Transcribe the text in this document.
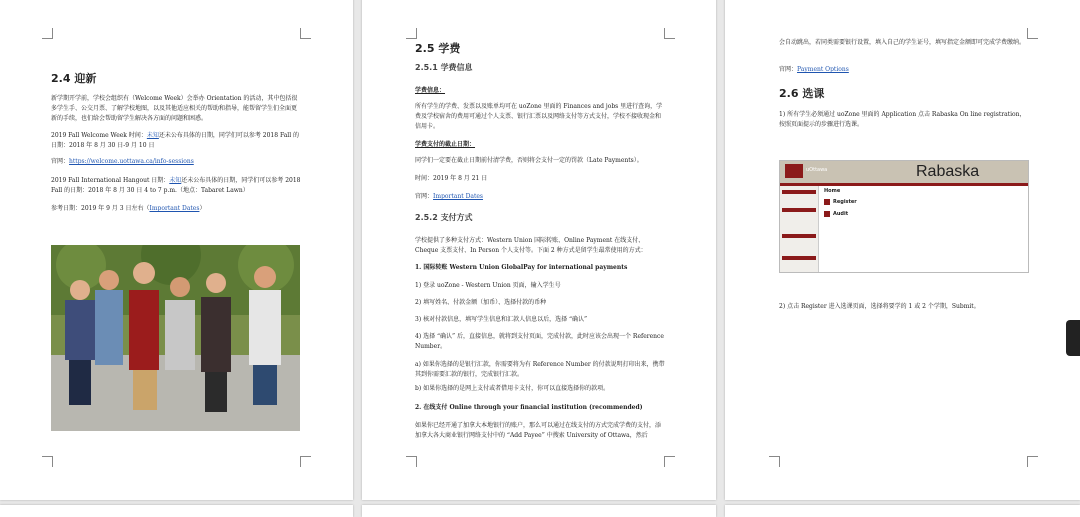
2.4 迎新
新学期开学前，学校会组织有（Welcome Week）会举办 Orientation 的活动，其中包括很多学生手、公交月票、了解学校地图，以及其他适应相关的帮助和指导，能帮留学生们全面更新的手续，也们给会帮助留学生解决各方面的问题和困惑。
2019 Fall Welcome Week 时间：未知还未公布具体的日期，同学们可以参考 2018 Fall 的日期：2018 年 8 月 30 日-9 月 10 日
官网：https://welcome.uottawa.ca/info-sessions
2019 Fall International Hangout 日期：未知还未公布具体的日期，同学们可以参考 2018 Fall 的日期：2018 年 8 月 30 日 4 to 7 p.m.（地点：Tabaret Lawn）
参考日期：2019 年 9 月 3 日左右（Important Dates）
2.5 学费
2.5.1 学费信息
学费信息：
所有学生的学费、发票以及账单均可在 uoZone 里面的 Finances and jobs 里进行查询，学费及学校宿舍的费用可通过个人支票、银行汇票以及网络支付等方式支付，学校不接收现金和信用卡。
学费支付的截止日期：
同学们一定要在截止日期前付清学费，否则将会支付一定的罚款（Late Payments）。
时间：2019 年 8 月 21 日
官网：Important Dates
2.5.2 支付方式
学校提供了多种支付方式：Western Union 国际转账、Online Payment 在线支付、Cheque 支票支付、In Person 个人支付等。下面 2 种方式是留学生最常使用的方式：
1. 国际转账 Western Union GlobalPay for international payments
1) 登录 uoZone - Western Union 页面，输入学生号
2) 填写姓名、付款金额（加币）、选择付款的币种
3) 核对付款信息，填写学生信息和汇款人信息以后，选择 “确认”
4) 选择 “确认” 后，直接信息，就将到支付页面，完成付款，此时应该会出现一个 Reference Number。
a) 如果你选择的是银行汇款，你需要将为有 Reference Number 的付款说明打印出来，携带其到你需要汇款的银行，完成银行汇款。
b) 如果你选择的是网上支付或者借用卡支付，你可以直接选择你的款项。
2. 在线支付 Online through your financial institution (recommended)
如果你已经开通了加拿大本地银行的账户，那么可以通过在线支付的方式完成学费的支付，添加拿大各大商业银行网络支付中的 “Add Payee” 中搜索 University of Ottawa，然后
会自动跳出，若同类需要银行设置，填入自己的学生证号，填写指定金额即可完成学费缴纳。
官网：Payment Options
2.6 选课
1) 所有学生必须通过 uoZone 里面的 Application 点击 Rabaska On line registration，按照页面提示的步骤进行选课。
uOttawa	Rabaska
Home
Register
Audit
2) 点击 Register 进入选课页面，选择将要学的 1 或 2 个学期，Submit。
